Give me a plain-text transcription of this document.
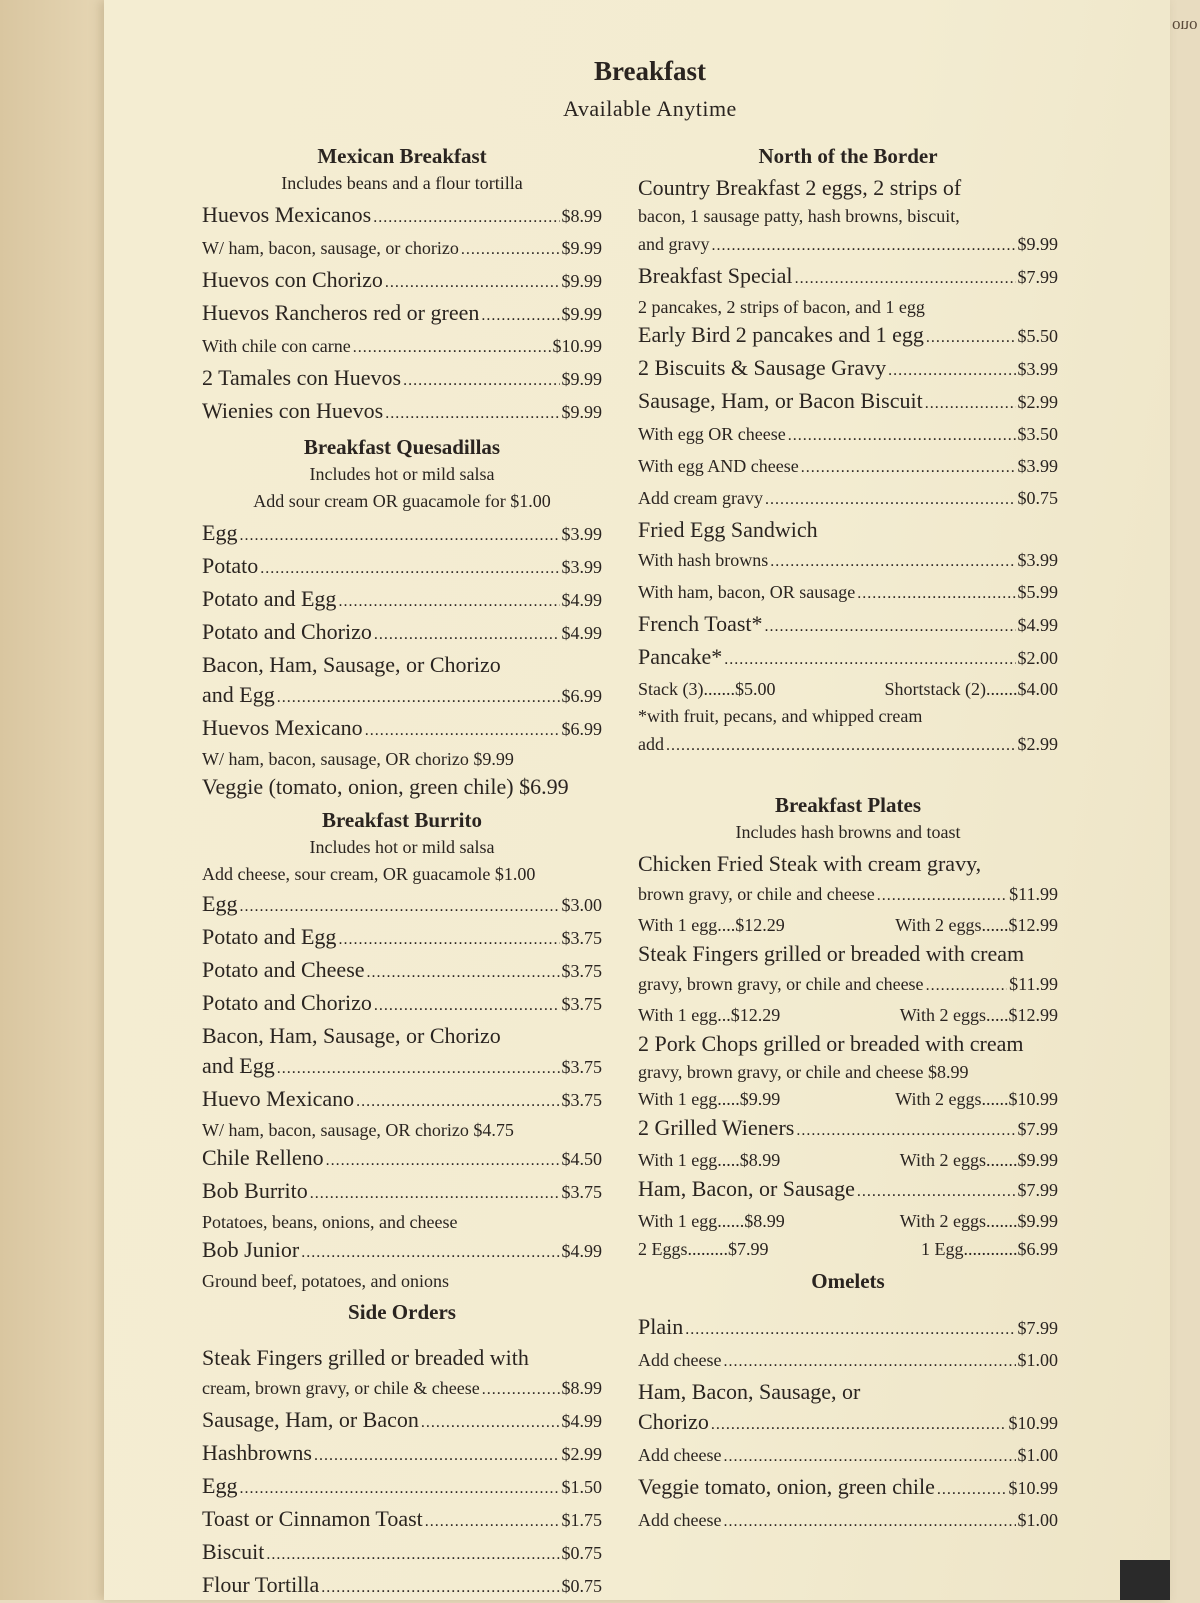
ouo
Breakfast
Available Anytime
Mexican Breakfast
Includes beans and a flour tortilla
Huevos Mexicanos .....	$8.99
W/ ham, bacon, sausage, or chorizo .....	$9.99
Huevos con Chorizo .....	$9.99
Huevos Rancheros red or green .....	$9.99
With chile con carne .....	$10.99
2 Tamales con Huevos .....	$9.99
Wienies con Huevos .....	$9.99
Breakfast Quesadillas
Includes hot or mild salsa
Add sour cream OR guacamole for $1.00
Egg .....	$3.99
Potato .....	$3.99
Potato and Egg .....	$4.99
Potato and Chorizo .....	$4.99
Bacon, Ham, Sausage, or Chorizo
and Egg .....	$6.99
Huevos Mexicano .....	$6.99
W/ ham, bacon, sausage, OR chorizo $9.99
Veggie (tomato, onion, green chile) $6.99
Breakfast Burrito
Includes hot or mild salsa
Add cheese, sour cream, OR guacamole $1.00
Egg .....	$3.00
Potato and Egg .....	$3.75
Potato and Cheese .....	$3.75
Potato and Chorizo .....	$3.75
Bacon, Ham, Sausage, or Chorizo
and Egg .....	$3.75
Huevo Mexicano .....	$3.75
W/ ham, bacon, sausage, OR chorizo $4.75
Chile Relleno .....	$4.50
Bob Burrito .....	$3.75
Potatoes, beans, onions, and cheese
Bob Junior .....	$4.99
Ground beef, potatoes, and onions
Side Orders
Steak Fingers grilled or breaded with
cream, brown gravy, or chile & cheese .....	$8.99
Sausage, Ham, or Bacon .....	$4.99
Hashbrowns .....	$2.99
Egg .....	$1.50
Toast or Cinnamon Toast .....	$1.75
Biscuit .....	$0.75
Flour Tortilla .....	$0.75
North of the Border
Country Breakfast 2 eggs, 2 strips of
bacon, 1 sausage patty, hash browns, biscuit,
and gravy .....	$9.99
Breakfast Special .....	$7.99
2 pancakes, 2 strips of bacon, and 1 egg
Early Bird 2 pancakes and 1 egg .....	$5.50
2 Biscuits & Sausage Gravy .....	$3.99
Sausage, Ham, or Bacon Biscuit .....	$2.99
With egg OR cheese .....	$3.50
With egg AND cheese .....	$3.99
Add cream gravy .....	$0.75
Fried Egg Sandwich
With hash browns .....	$3.99
With ham, bacon, OR sausage .....	$5.99
French Toast* .....	$4.99
Pancake* .....	$2.00
Stack (3).......$5.00	Shortstack (2).......$4.00
*with fruit, pecans, and whipped cream
add .....	$2.99
Breakfast Plates
Includes hash browns and toast
Chicken Fried Steak with cream gravy,
brown gravy, or chile and cheese .....	$11.99
With 1 egg....$12.29	With 2 eggs......$12.99
Steak Fingers grilled or breaded with cream
gravy, brown gravy, or chile and cheese .....	$11.99
With 1 egg...$12.29	With 2 eggs.....$12.99
2 Pork Chops grilled or breaded with cream
gravy, brown gravy, or chile and cheese $8.99
With 1 egg.....$9.99	With 2 eggs......$10.99
2 Grilled Wieners .....	$7.99
With 1 egg.....$8.99	With 2 eggs.......$9.99
Ham, Bacon, or Sausage .....	$7.99
With 1 egg......$8.99	With 2 eggs.......$9.99
2 Eggs.........$7.99	1 Egg............$6.99
Omelets
Plain .....	$7.99
Add cheese .....	$1.00
Ham, Bacon, Sausage, or
Chorizo .....	$10.99
Add cheese .....	$1.00
Veggie tomato, onion, green chile .....	$10.99
Add cheese .....	$1.00
